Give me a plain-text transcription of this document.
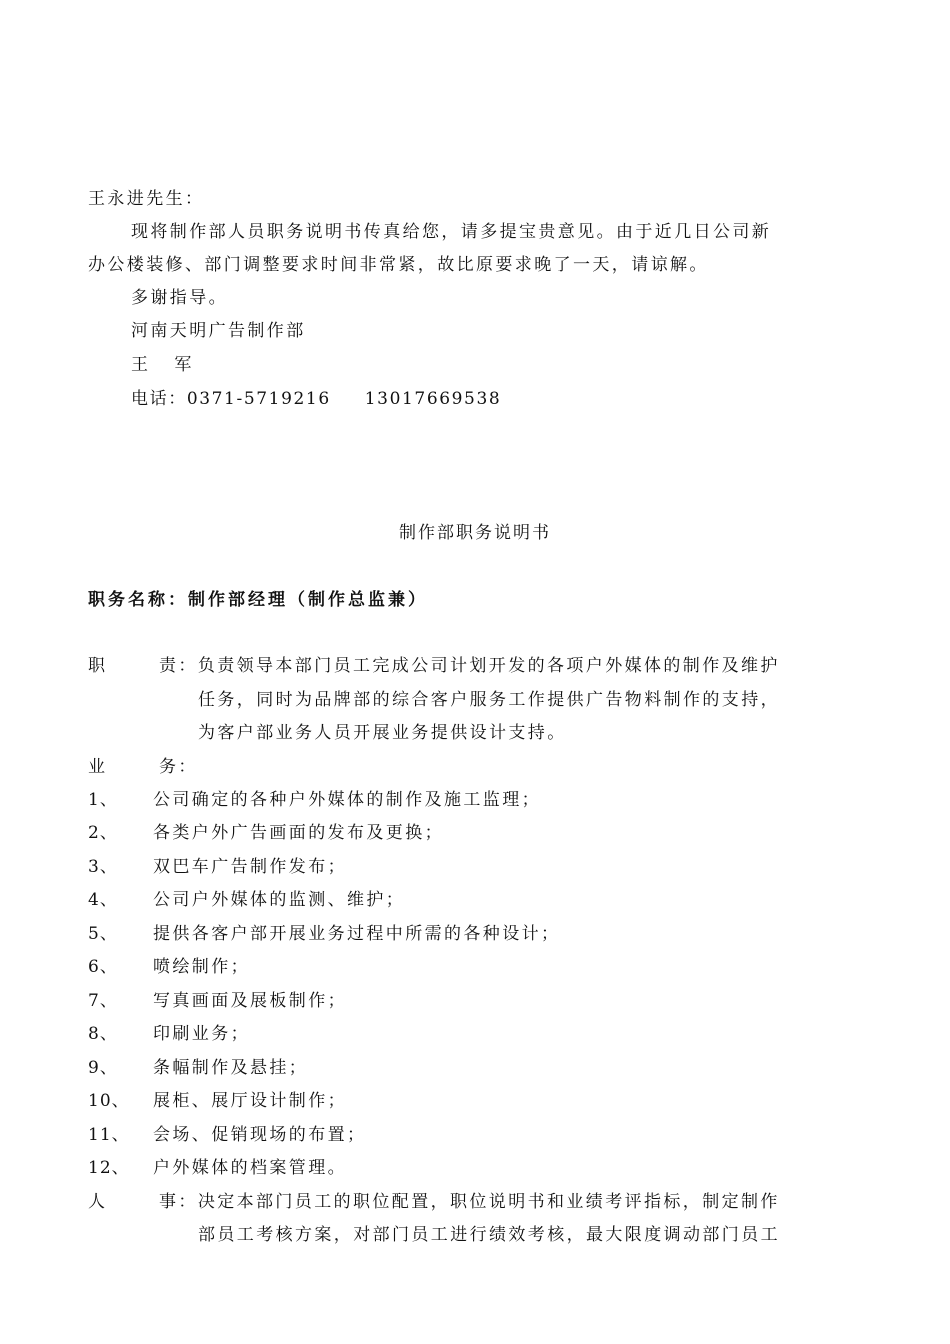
王永进先生：
现将制作部人员职务说明书传真给您，请多提宝贵意见。由于近几日公司新
办公楼装修、部门调整要求时间非常紧，故比原要求晚了一天，请谅解。
多谢指导。
河南天明广告制作部
王 军
电话：0371-5719216 13017669538
制作部职务说明书
职务名称：制作部经理（制作总监兼）
职	责：负责领导本部门员工完成公司计划开发的各项户外媒体的制作及维护
任务，同时为品牌部的综合客户服务工作提供广告物料制作的支持，
为客户部业务人员开展业务提供设计支持。
业	务：
1、 公司确定的各种户外媒体的制作及施工监理；
2、 各类户外广告画面的发布及更换；
3、 双巴车广告制作发布；
4、 公司户外媒体的监测、维护；
5、 提供各客户部开展业务过程中所需的各种设计；
6、 喷绘制作；
7、 写真画面及展板制作；
8、 印刷业务；
9、 条幅制作及悬挂；
10、 展柜、展厅设计制作；
11、 会场、促销现场的布置；
12、 户外媒体的档案管理。
人	事：决定本部门员工的职位配置，职位说明书和业绩考评指标，制定制作
部员工考核方案，对部门员工进行绩效考核，最大限度调动部门员工
